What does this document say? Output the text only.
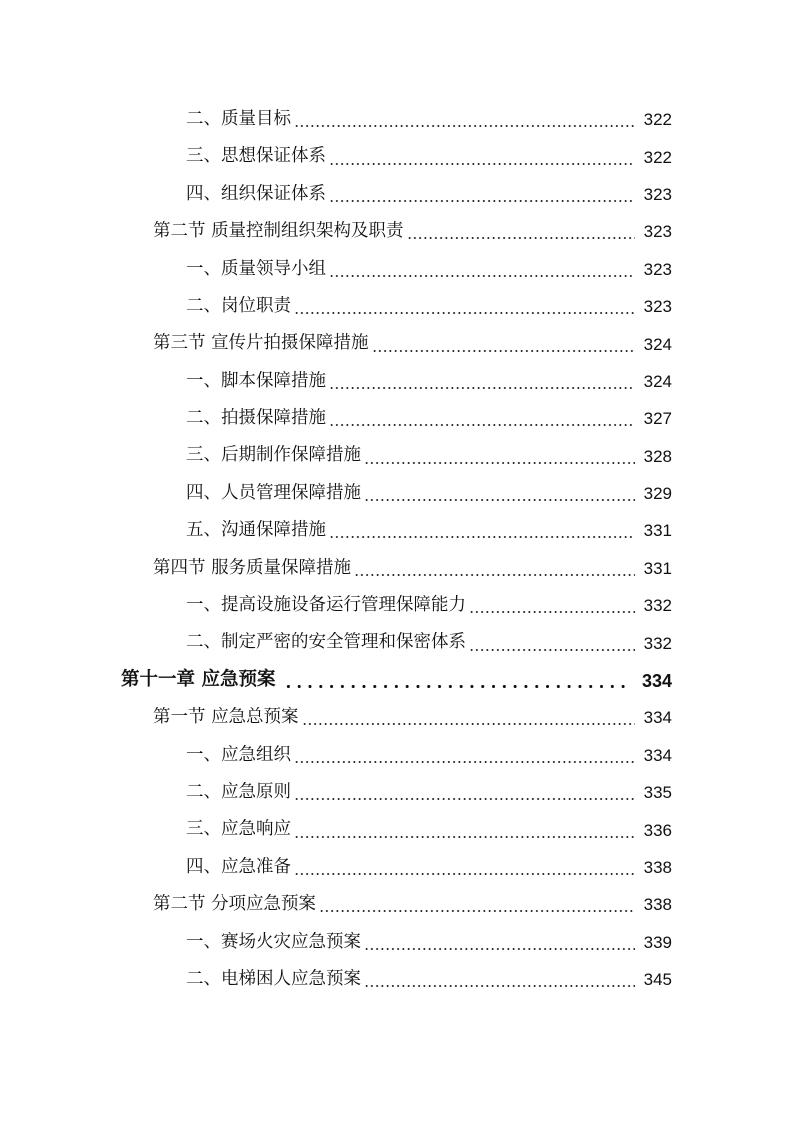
二、质量目标	322
三、思想保证体系	322
四、组织保证体系	323
第二节 质量控制组织架构及职责	323
一、质量领导小组	323
二、岗位职责	323
第三节 宣传片拍摄保障措施	324
一、脚本保障措施	324
二、拍摄保障措施	327
三、后期制作保障措施	328
四、人员管理保障措施	329
五、沟通保障措施	331
第四节 服务质量保障措施	331
一、提高设施设备运行管理保障能力	332
二、制定严密的安全管理和保密体系	332
第十一章 应急预案	334
第一节 应急总预案	334
一、应急组织	334
二、应急原则	335
三、应急响应	336
四、应急准备	338
第二节 分项应急预案	338
一、赛场火灾应急预案	339
二、电梯困人应急预案	345
